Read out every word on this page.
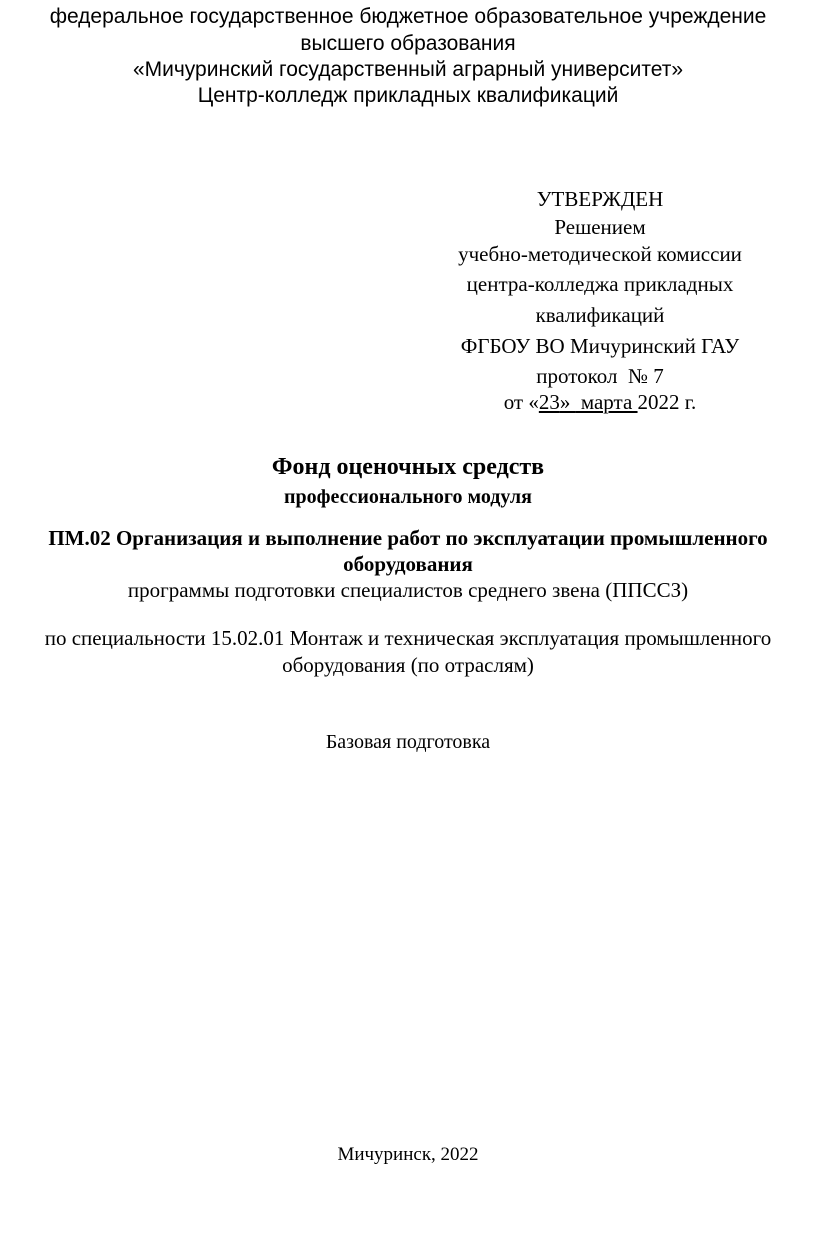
федеральное государственное бюджетное образовательное учреждение
высшего образования
«Мичуринский государственный аграрный университет»
Центр-колледж прикладных квалификаций
УТВЕРЖДЕН
Решением
учебно-методической комиссии
центра-колледжа прикладных
квалификаций
ФГБОУ ВО Мичуринский ГАУ
протокол № 7
от «23»  марта 2022 г.
Фонд оценочных средств
профессионального модуля
ПМ.02 Организация и выполнение работ по эксплуатации промышленного
оборудования
программы подготовки специалистов среднего звена (ППССЗ)
по специальности 15.02.01 Монтаж и техническая эксплуатация промышленного
оборудования (по отраслям)
Базовая подготовка
Мичуринск, 2022
